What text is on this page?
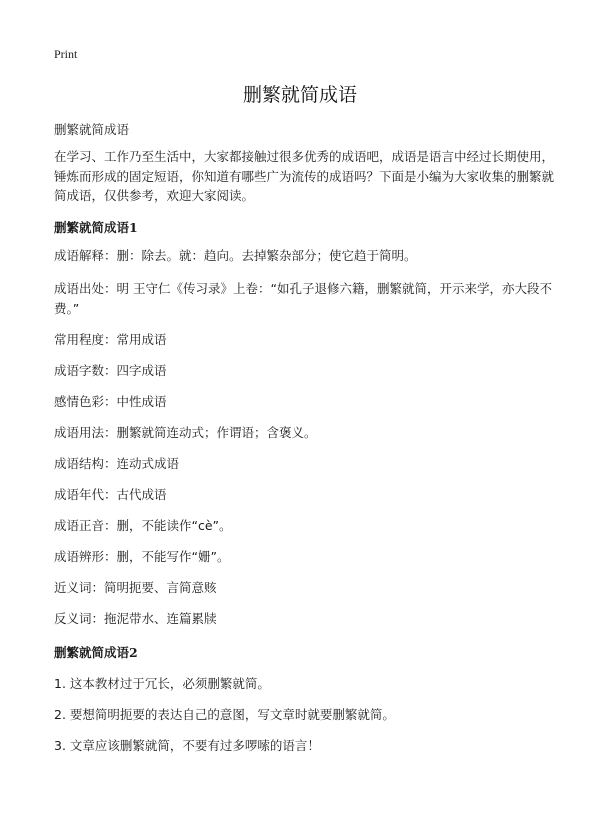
Print
删繁就简成语
删繁就简成语
在学习、工作乃至生活中，大家都接触过很多优秀的成语吧，成语是语言中经过长期使用，锤炼而形成的固定短语，你知道有哪些广为流传的成语吗？下面是小编为大家收集的删繁就简成语，仅供参考，欢迎大家阅读。
删繁就简成语1
成语解释：删：除去。就：趋向。去掉繁杂部分；使它趋于简明。
成语出处：明 王守仁《传习录》上卷：“如孔子退修六籍，删繁就简，开示来学，亦大段不费。”
常用程度：常用成语
成语字数：四字成语
感情色彩：中性成语
成语用法：删繁就简连动式；作谓语；含褒义。
成语结构：连动式成语
成语年代：古代成语
成语正音：删，不能读作“cè”。
成语辨形：删，不能写作“姗”。
近义词：简明扼要、言简意赅
反义词：拖泥带水、连篇累牍
删繁就简成语2
1. 这本教材过于冗长，必须删繁就简。
2. 要想简明扼要的表达自己的意图，写文章时就要删繁就简。
3. 文章应该删繁就简，不要有过多啰嗦的语言！
